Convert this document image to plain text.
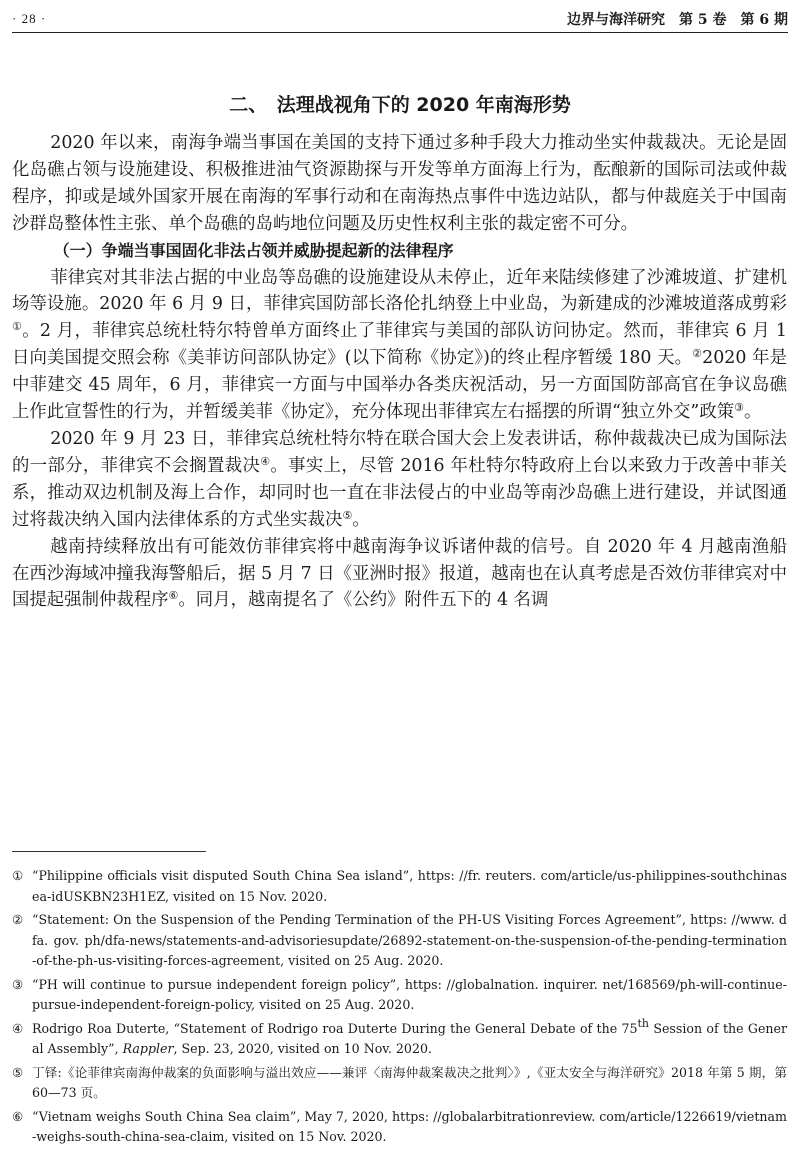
· 28 ·	边界与海洋研究　第 5 卷　第 6 期
二、　法理战视角下的 2020 年南海形势

2020 年以来，南海争端当事国在美国的支持下通过多种手段大力推动坐实仲裁裁决。无论是固化岛礁占领与设施建设、积极推进油气资源勘探与开发等单方面海上行为，酝酿新的国际司法或仲裁程序，抑或是域外国家开展在南海的军事行动和在南海热点事件中选边站队，都与仲裁庭关于中国南沙群岛整体性主张、单个岛礁的岛屿地位问题及历史性权利主张的裁定密不可分。

（一）争端当事国固化非法占领并威胁提起新的法律程序

菲律宾对其非法占据的中业岛等岛礁的设施建设从未停止，近年来陆续修建了沙滩坡道、扩建机场等设施。2020 年 6 月 9 日，菲律宾国防部长洛伦扎纳登上中业岛，为新建成的沙滩坡道落成剪彩①。2 月，菲律宾总统杜特尔特曾单方面终止了菲律宾与美国的部队访问协定。然而，菲律宾 6 月 1 日向美国提交照会称《美菲访问部队协定》(以下简称《协定》)的终止程序暂缓 180 天。②2020 年是中菲建交 45 周年，6 月，菲律宾一方面与中国举办各类庆祝活动，另一方面国防部高官在争议岛礁上作此宣誓性的行为，并暂缓美菲《协定》，充分体现出菲律宾左右摇摆的所谓“独立外交”政策③。

2020 年 9 月 23 日，菲律宾总统杜特尔特在联合国大会上发表讲话，称仲裁裁决已成为国际法的一部分，菲律宾不会搁置裁决④。事实上，尽管 2016 年杜特尔特政府上台以来致力于改善中菲关系，推动双边机制及海上合作，却同时也一直在非法侵占的中业岛等南沙岛礁上进行建设，并试图通过将裁决纳入国内法律体系的方式坐实裁决⑤。

越南持续释放出有可能效仿菲律宾将中越南海争议诉诸仲裁的信号。自 2020 年 4 月越南渔船在西沙海域冲撞我海警船后，据 5 月 7 日《亚洲时报》报道，越南也在认真考虑是否效仿菲律宾对中国提起强制仲裁程序⑥。同月，越南提名了《公约》附件五下的 4 名调

① “Philippine officials visit disputed South China Sea island”, https: //fr. reuters. com/article/us-philippines-southchinasea-idUSKBN23H1EZ, visited on 15 Nov. 2020.
② “Statement: On the Suspension of the Pending Termination of the PH-US Visiting Forces Agreement”, https: //www. dfa. gov. ph/dfa-news/statements-and-advisoriesupdate/26892-statement-on-the-suspension-of-the-pending-termination-of-the-ph-us-visiting-forces-agreement, visited on 25 Aug. 2020.
③ “PH will continue to pursue independent foreign policy”, https: //globalnation. inquirer. net/168569/ph-will-continue-pursue-independent-foreign-policy, visited on 25 Aug. 2020.
④ Rodrigo Roa Duterte, “Statement of Rodrigo roa Duterte During the General Debate of the 75th Session of the General Assembly”, Rappler, Sep. 23, 2020, visited on 10 Nov. 2020.
⑤ 丁铎:《论菲律宾南海仲裁案的负面影响与溢出效应——兼评〈南海仲裁案裁决之批判〉》,《亚太安全与海洋研究》2018 年第 5 期，第 60—73 页。
⑥ “Vietnam weighs South China Sea claim”, May 7, 2020, https: //globalarbitrationreview. com/article/1226619/vietnam-weighs-south-china-sea-claim, visited on 15 Nov. 2020.
